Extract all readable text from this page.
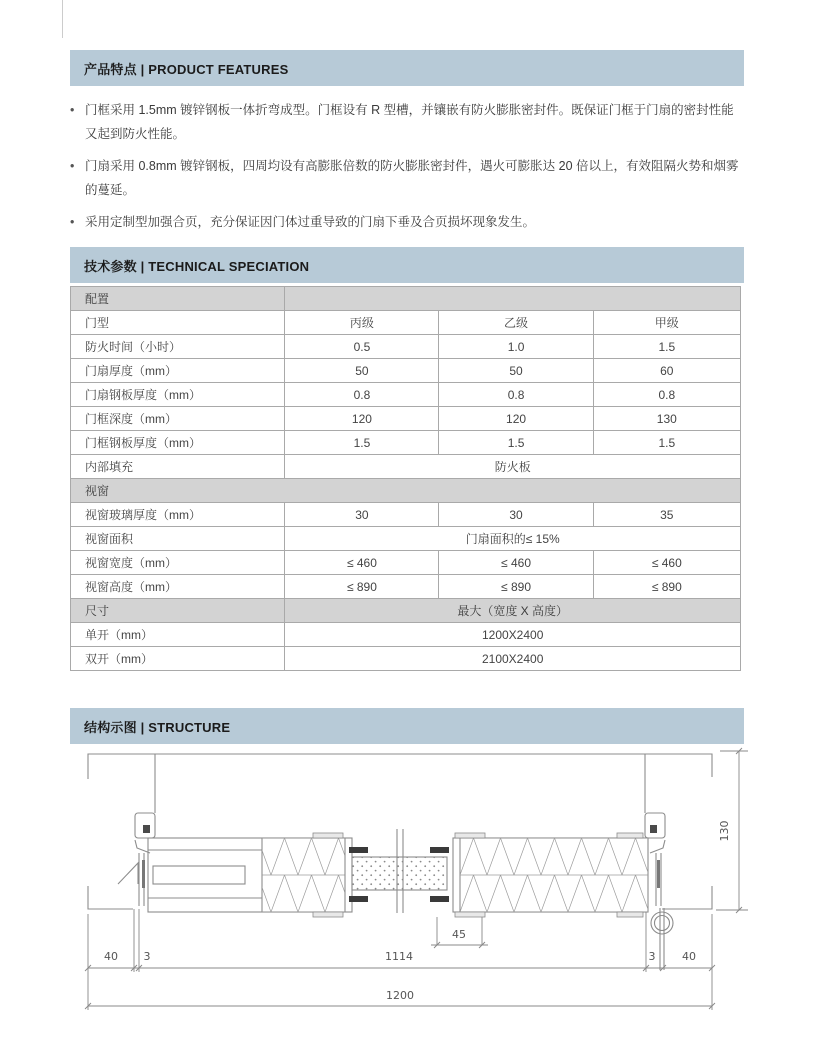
产品特点 | PRODUCT FEATURES
• 门框采用 1.5mm 镀锌钢板一体折弯成型。门框设有 R 型槽，并镶嵌有防火膨胀密封件。既保证门框于门扇的密封性能又起到防火性能。
• 门扇采用 0.8mm 镀锌钢板，四周均设有高膨胀倍数的防火膨胀密封件，遇火可膨胀达 20 倍以上，有效阻隔火势和烟雾的蔓延。
• 采用定制型加强合页，充分保证因门体过重导致的门扇下垂及合页损坏现象发生。
技术参数 | TECHNICAL SPECIATION
配置			
门型	丙级	乙级	甲级
防火时间（小时）	0.5	1.0	1.5
门扇厚度（mm）	50	50	60
门扇钢板厚度（mm）	0.8	0.8	0.8
门框深度（mm）	120	120	130
门框钢板厚度（mm）	1.5	1.5	1.5
内部填充	防火板		
视窗			
视窗玻璃厚度（mm）	30	30	35
视窗面积	门扇面积的≤ 15%		
视窗宽度（mm）	≤ 460	≤ 460	≤ 460
视窗高度（mm）	≤ 890	≤ 890	≤ 890
尺寸	最大（宽度 X 高度）		
单开（mm）	1200X2400		
双开（mm）	2100X2400		
结构示图 | STRUCTURE
40 3	1114	3 40
1200
45
130
